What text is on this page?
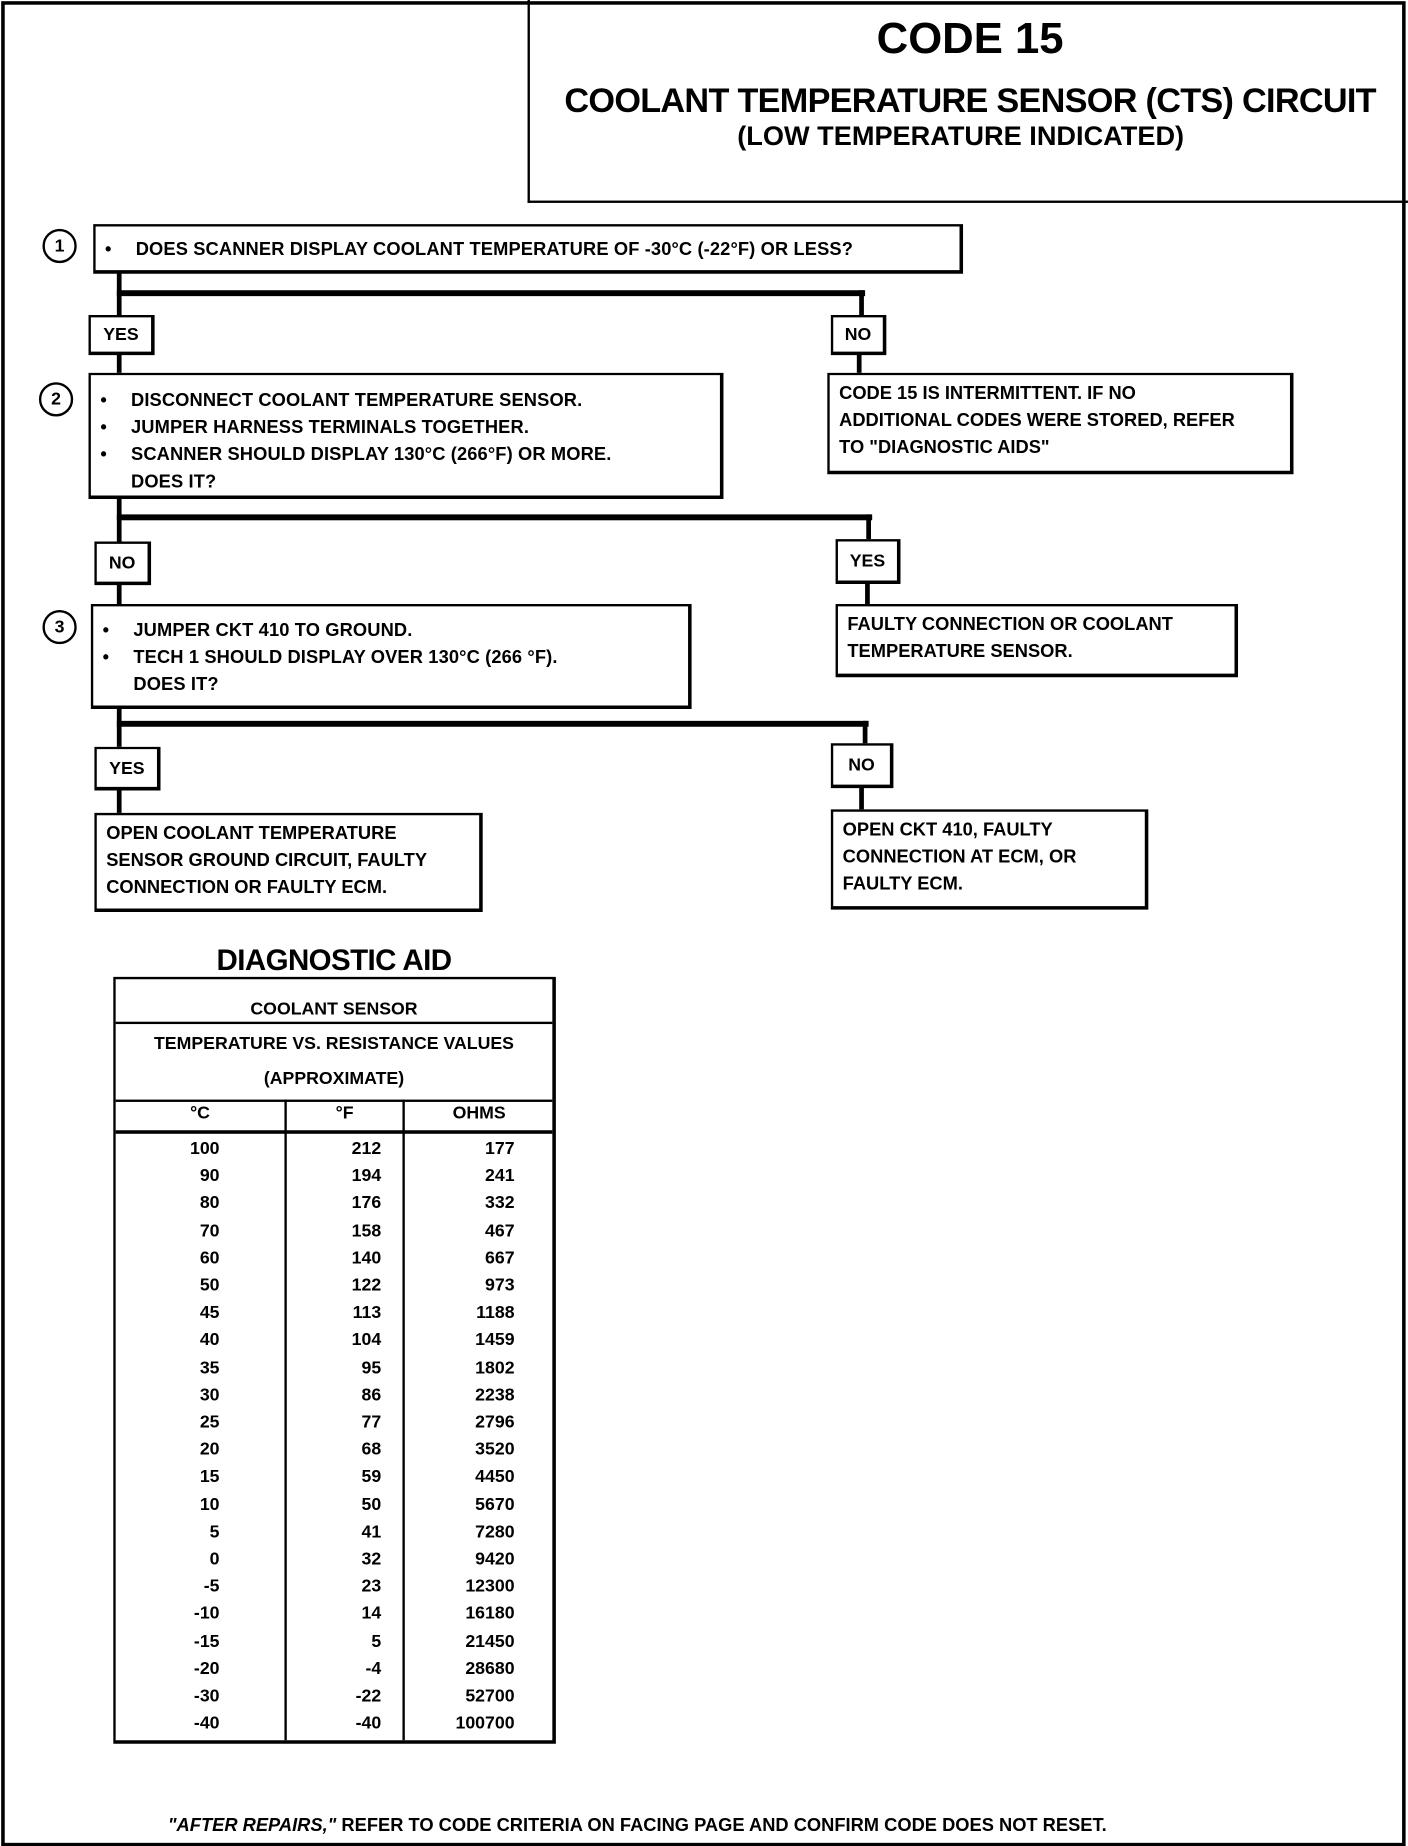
CODE 15
COOLANT TEMPERATURE SENSOR (CTS) CIRCUIT
(LOW TEMPERATURE INDICATED)
1	•	DOES SCANNER DISPLAY COOLANT TEMPERATURE OF -30°C (-22°F) OR LESS?
YES	NO
CODE 15 IS INTERMITTENT. IF NO
ADDITIONAL CODES WERE STORED, REFER
TO "DIAGNOSTIC AIDS"
2	•	DISCONNECT COOLANT TEMPERATURE SENSOR.
•	JUMPER HARNESS TERMINALS TOGETHER.
•	SCANNER SHOULD DISPLAY 130°C (266°F) OR MORE.
DOES IT?
NO	YES
FAULTY CONNECTION OR COOLANT
TEMPERATURE SENSOR.
3	•	JUMPER CKT 410 TO GROUND.
•	TECH 1 SHOULD DISPLAY OVER 130°C (266 °F).
DOES IT?
YES	NO
OPEN COOLANT TEMPERATURE
SENSOR GROUND CIRCUIT, FAULTY
CONNECTION OR FAULTY ECM.
OPEN CKT 410, FAULTY
CONNECTION AT ECM, OR
FAULTY ECM.
DIAGNOSTIC AID
COOLANT SENSOR
TEMPERATURE VS. RESISTANCE VALUES
(APPROXIMATE)
°C	°F	OHMS
100	212	177
90	194	241
80	176	332
70	158	467
60	140	667
50	122	973
45	113	1188
40	104	1459
35	95	1802
30	86	2238
25	77	2796
20	68	3520
15	59	4450
10	50	5670
5	41	7280
0	32	9420
-5	23	12300
-10	14	16180
-15	5	21450
-20	-4	28680
-30	-22	52700
-40	-40	100700
"AFTER REPAIRS," REFER TO CODE CRITERIA ON FACING PAGE AND CONFIRM CODE DOES NOT RESET.
